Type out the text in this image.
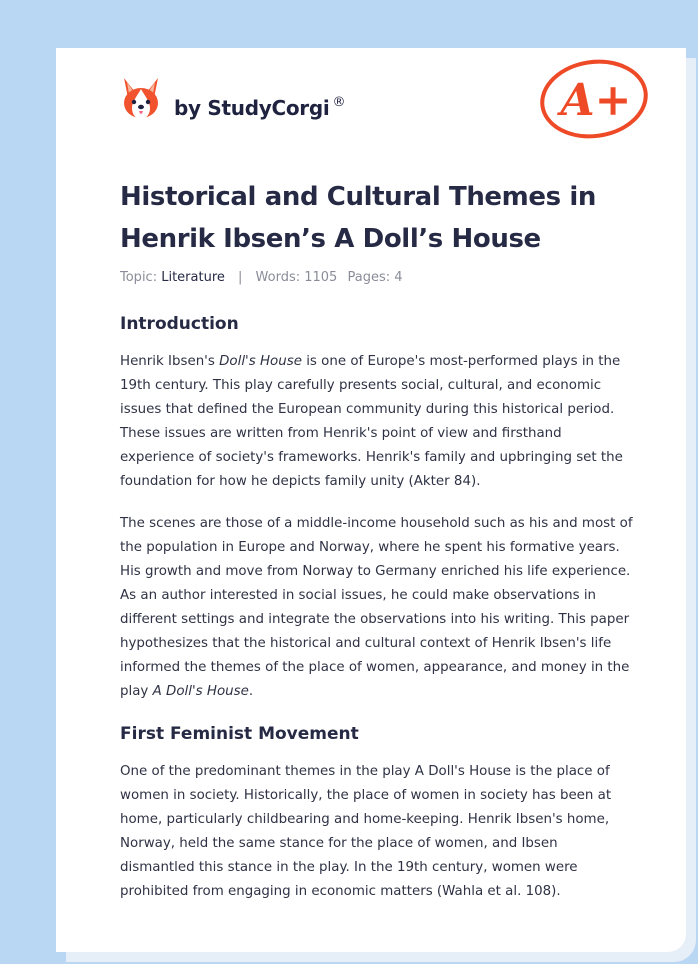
by StudyCorgi ®	A+
Historical and Cultural Themes in Henrik Ibsen’s A Doll’s House
Topic: Literature | Words: 1105 Pages: 4
Introduction

Henrik Ibsen's Doll's House is one of Europe's most-performed plays in the 19th century. This play carefully presents social, cultural, and economic issues that defined the European community during this historical period. These issues are written from Henrik's point of view and firsthand experience of society's frameworks. Henrik's family and upbringing set the foundation for how he depicts family unity (Akter 84).

The scenes are those of a middle-income household such as his and most of the population in Europe and Norway, where he spent his formative years. His growth and move from Norway to Germany enriched his life experience. As an author interested in social issues, he could make observations in different settings and integrate the observations into his writing. This paper hypothesizes that the historical and cultural context of Henrik Ibsen's life informed the themes of the place of women, appearance, and money in the play A Doll's House.

First Feminist Movement

One of the predominant themes in the play A Doll's House is the place of women in society. Historically, the place of women in society has been at home, particularly childbearing and home-keeping. Henrik Ibsen's home, Norway, held the same stance for the place of women, and Ibsen dismantled this stance in the play. In the 19th century, women were prohibited from engaging in economic matters (Wahla et al. 108).
